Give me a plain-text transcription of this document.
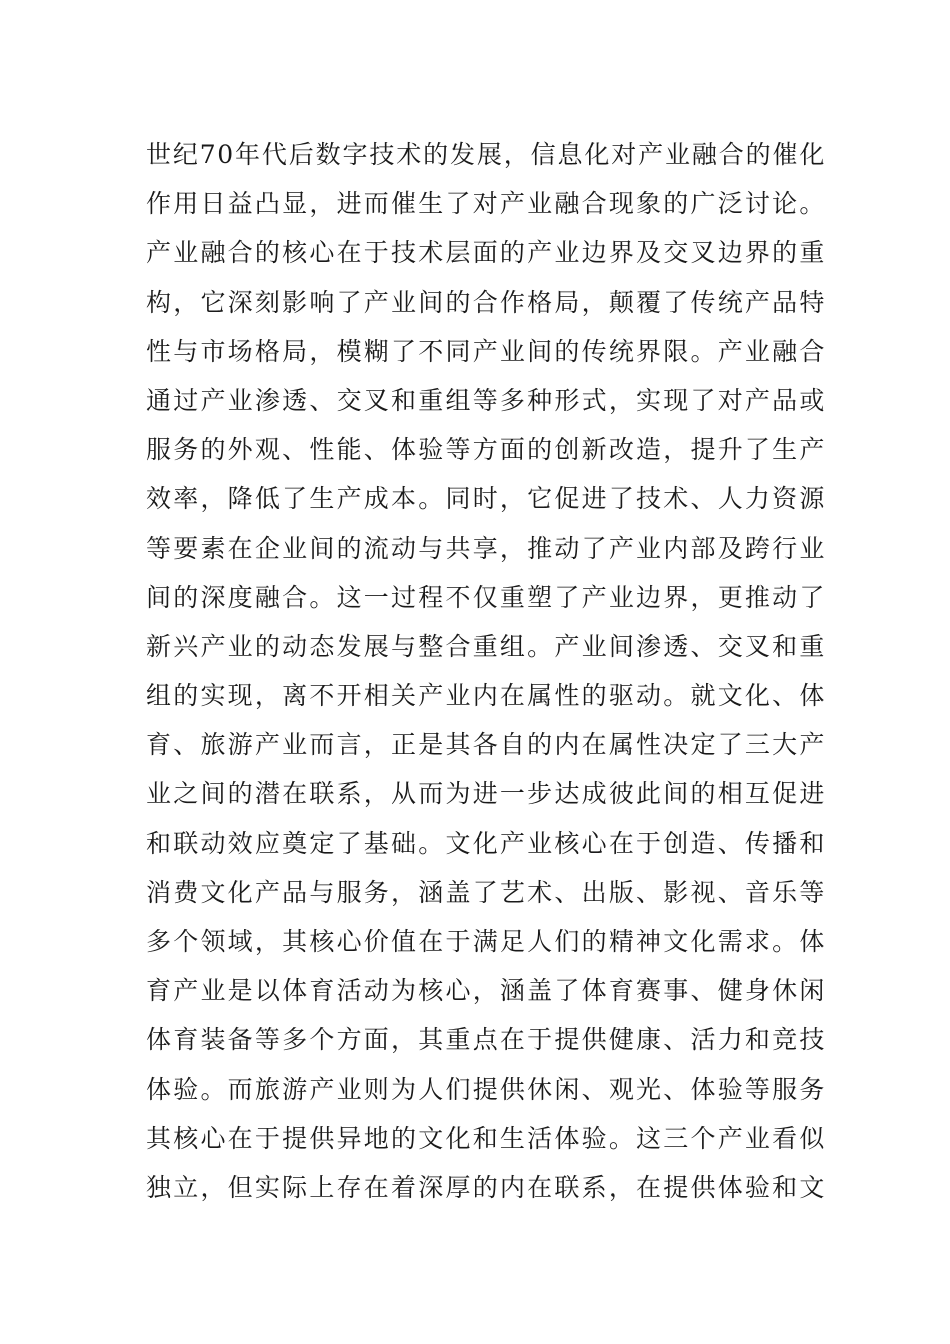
世纪70年代后数字技术的发展，信息化对产业融合的催化
作用日益凸显，进而催生了对产业融合现象的广泛讨论。
产业融合的核心在于技术层面的产业边界及交叉边界的重
构，它深刻影响了产业间的合作格局，颠覆了传统产品特
性与市场格局，模糊了不同产业间的传统界限。产业融合
通过产业渗透、交叉和重组等多种形式，实现了对产品或
服务的外观、性能、体验等方面的创新改造，提升了生产
效率，降低了生产成本。同时，它促进了技术、人力资源
等要素在企业间的流动与共享，推动了产业内部及跨行业
间的深度融合。这一过程不仅重塑了产业边界，更推动了
新兴产业的动态发展与整合重组。产业间渗透、交叉和重
组的实现，离不开相关产业内在属性的驱动。就文化、体
育、旅游产业而言，正是其各自的内在属性决定了三大产
业之间的潜在联系，从而为进一步达成彼此间的相互促进
和联动效应奠定了基础。文化产业核心在于创造、传播和
消费文化产品与服务，涵盖了艺术、出版、影视、音乐等
多个领域，其核心价值在于满足人们的精神文化需求。体
育产业是以体育活动为核心，涵盖了体育赛事、健身休闲
体育装备等多个方面，其重点在于提供健康、活力和竞技
体验。而旅游产业则为人们提供休闲、观光、体验等服务
其核心在于提供异地的文化和生活体验。这三个产业看似
独立，但实际上存在着深厚的内在联系，在提供体验和文
